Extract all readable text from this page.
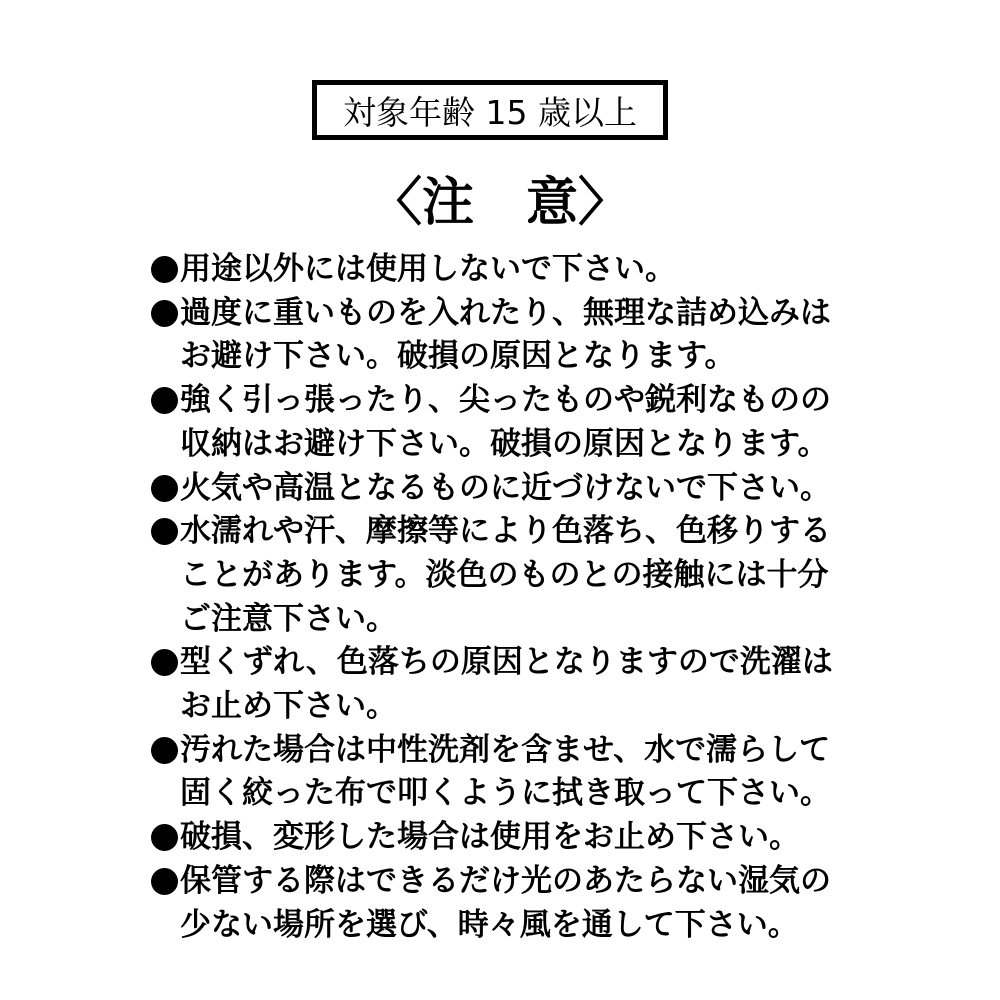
対象年齢 15 歳以上
〈注　意〉
用途以外には使用しないで下さい。
過度に重いものを入れたり、無理な詰め込みは
お避け下さい。破損の原因となります。
強く引っ張ったり、尖ったものや鋭利なものの
収納はお避け下さい。破損の原因となります。
火気や高温となるものに近づけないで下さい。
水濡れや汗、摩擦等により色落ち、色移りする
ことがあります。淡色のものとの接触には十分
ご注意下さい。
型くずれ、色落ちの原因となりますので洗濯は
お止め下さい。
汚れた場合は中性洗剤を含ませ、水で濡らして
固く絞った布で叩くように拭き取って下さい。
破損、変形した場合は使用をお止め下さい。
保管する際はできるだけ光のあたらない湿気の
少ない場所を選び、時々風を通して下さい。
